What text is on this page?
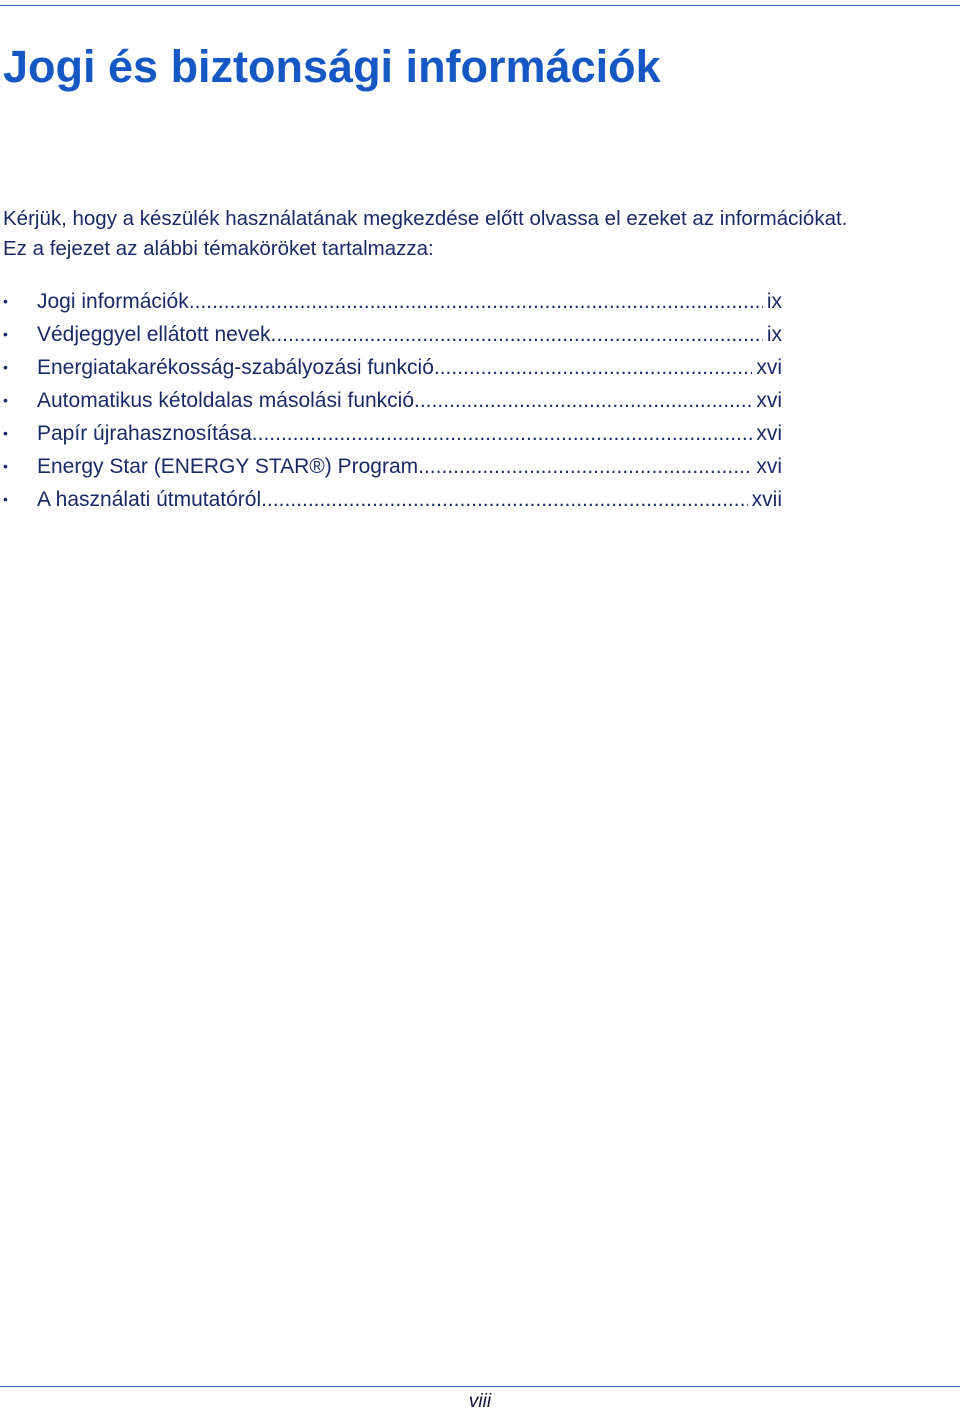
Jogi és biztonsági információk

Kérjük, hogy a készülék használatának megkezdése előtt olvassa el ezeket az információkat.

Ez a fejezet az alábbi témaköröket tartalmazza:

• Jogi információk .....	ix
• Védjeggyel ellátott nevek .....	ix
• Energiatakarékosság-szabályozási funkció .....	xvi
• Automatikus kétoldalas másolási funkció .....	xvi
• Papír újrahasznosítása .....	xvi
• Energy Star (ENERGY STAR®) Program .....	xvi
• A használati útmutatóról .....	xvii
viii
